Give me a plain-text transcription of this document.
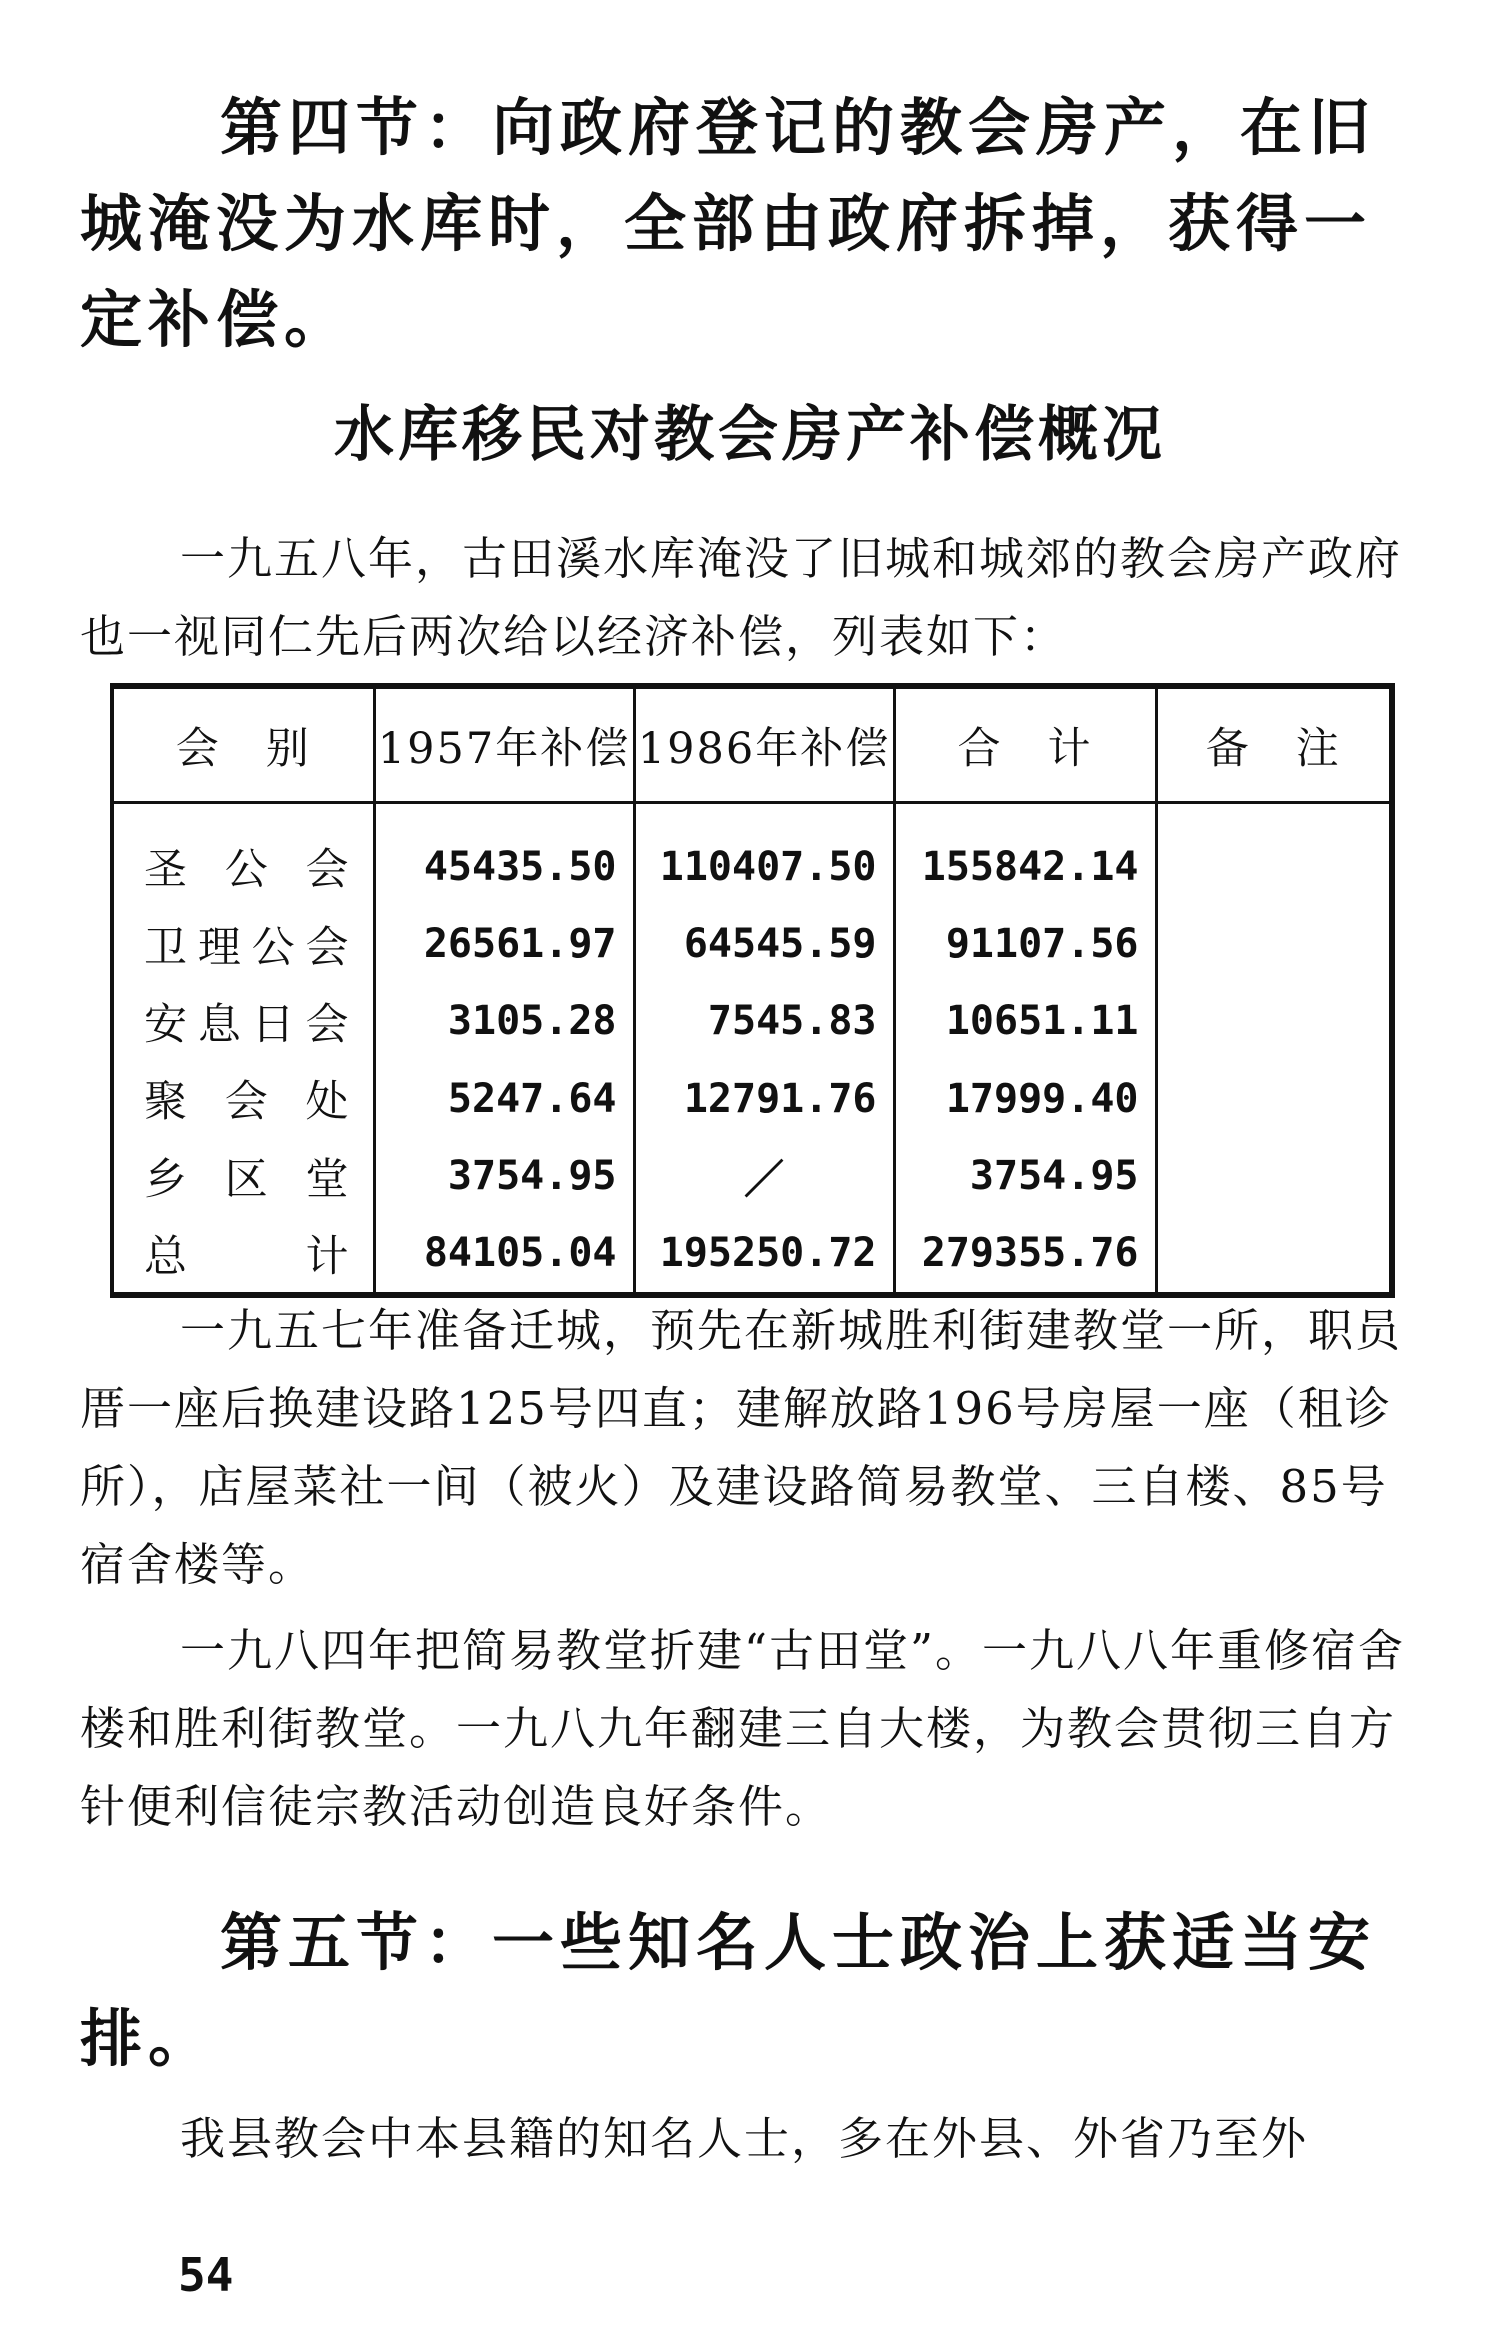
第四节：向政府登记的教会房产，在旧城淹没为水库时，全部由政府拆掉，获得一定补偿。
水库移民对教会房产补偿概况

一九五八年，古田溪水库淹没了旧城和城郊的教会房产政府也一视同仁先后两次给以经济补偿，列表如下：

会　别	1957年补偿	1986年补偿	合　计	备　注
圣公会	45435.50	110407.50	155842.14	
卫理公会	26561.97	64545.59	91107.56	
安息日会	3105.28	7545.83	10651.11	
聚会处	5247.64	12791.76	17999.40	
乡区堂	3754.95	／	3754.95	
总计	84105.04	195250.72	279355.76	

一九五七年准备迁城，预先在新城胜利街建教堂一所，职员厝一座后换建设路125号四直；建解放路196号房屋一座（租诊所），店屋菜社一间（被火）及建设路简易教堂、三自楼、85号宿舍楼等。

一九八四年把简易教堂折建“古田堂”。一九八八年重修宿舍楼和胜利街教堂。一九八九年翻建三自大楼，为教会贯彻三自方针便利信徒宗教活动创造良好条件。

第五节：一些知名人士政治上获适当安排。

我县教会中本县籍的知名人士，多在外县、外省乃至外

54
